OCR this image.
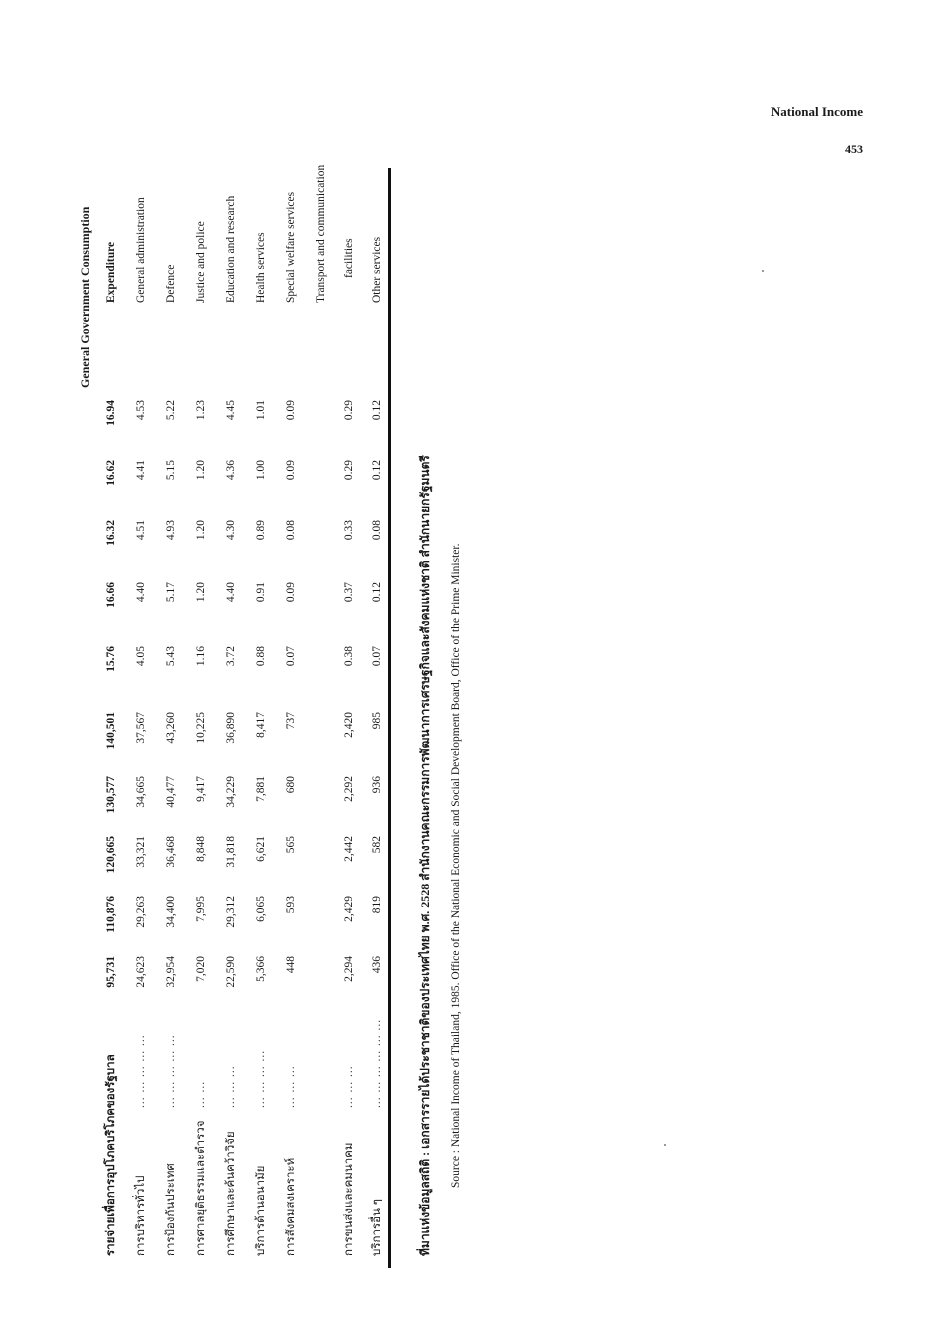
National Income
453
General Government Consumption
รายจ่ายเพื่อการอุปโภคบริโภคของรัฐบาล
95,731
110,876
120,665
130,577
140,501
15.76
16.66
16.32
16.62
16.94
Expenditure
การบริหารทั่วไป
... ... ... ... ...
24,623
29,263
33,321
34,665
37,567
4.05
4.40
4.51
4.41
4.53
General administration
การป้องกันประเทศ
... ... ... ... ...
32,954
34,400
36,468
40,477
43,260
5.43
5.17
4.93
5.15
5.22
Defence
การศาลยุติธรรมและตำรวจ
... ...
7,020
7,995
8,848
9,417
10,225
1.16
1.20
1.20
1.20
1.23
Justice and police
การศึกษาและค้นคว้าวิจัย
... ... ...
22,590
29,312
31,818
34,229
36,890
3.72
4.40
4.30
4.36
4.45
Education and research
บริการด้านอนามัย
... ... ... ...
5,366
6,065
6,621
7,881
8,417
0.88
0.91
0.89
1.00
1.01
Health services
การสังคมสงเคราะห์
... ... ...
448
593
565
680
737
0.07
0.09
0.08
0.09
0.09
Special welfare services	Transport and communication
การขนส่งและคมนาคม
... ... ...
2,294
2,429
2,442
2,292
2,420
0.38
0.37
0.33
0.29
0.29
facilities
บริการอื่น ๆ
... ... ... ... ... ...
436
819
582
936
985
0.07
0.12
0.08
0.12
0.12
Other services
ที่มาแห่งข้อมูลสถิติ : เอกสารรายได้ประชาชาติของประเทศไทย พ.ศ. 2528 สำนักงานคณะกรรมการพัฒนาการเศรษฐกิจและสังคมแห่งชาติ สำนักนายกรัฐมนตรี Source : National Income of Thailand, 1985. Office of the National Economic and Social Development Board, Office of the Prime Minister.
